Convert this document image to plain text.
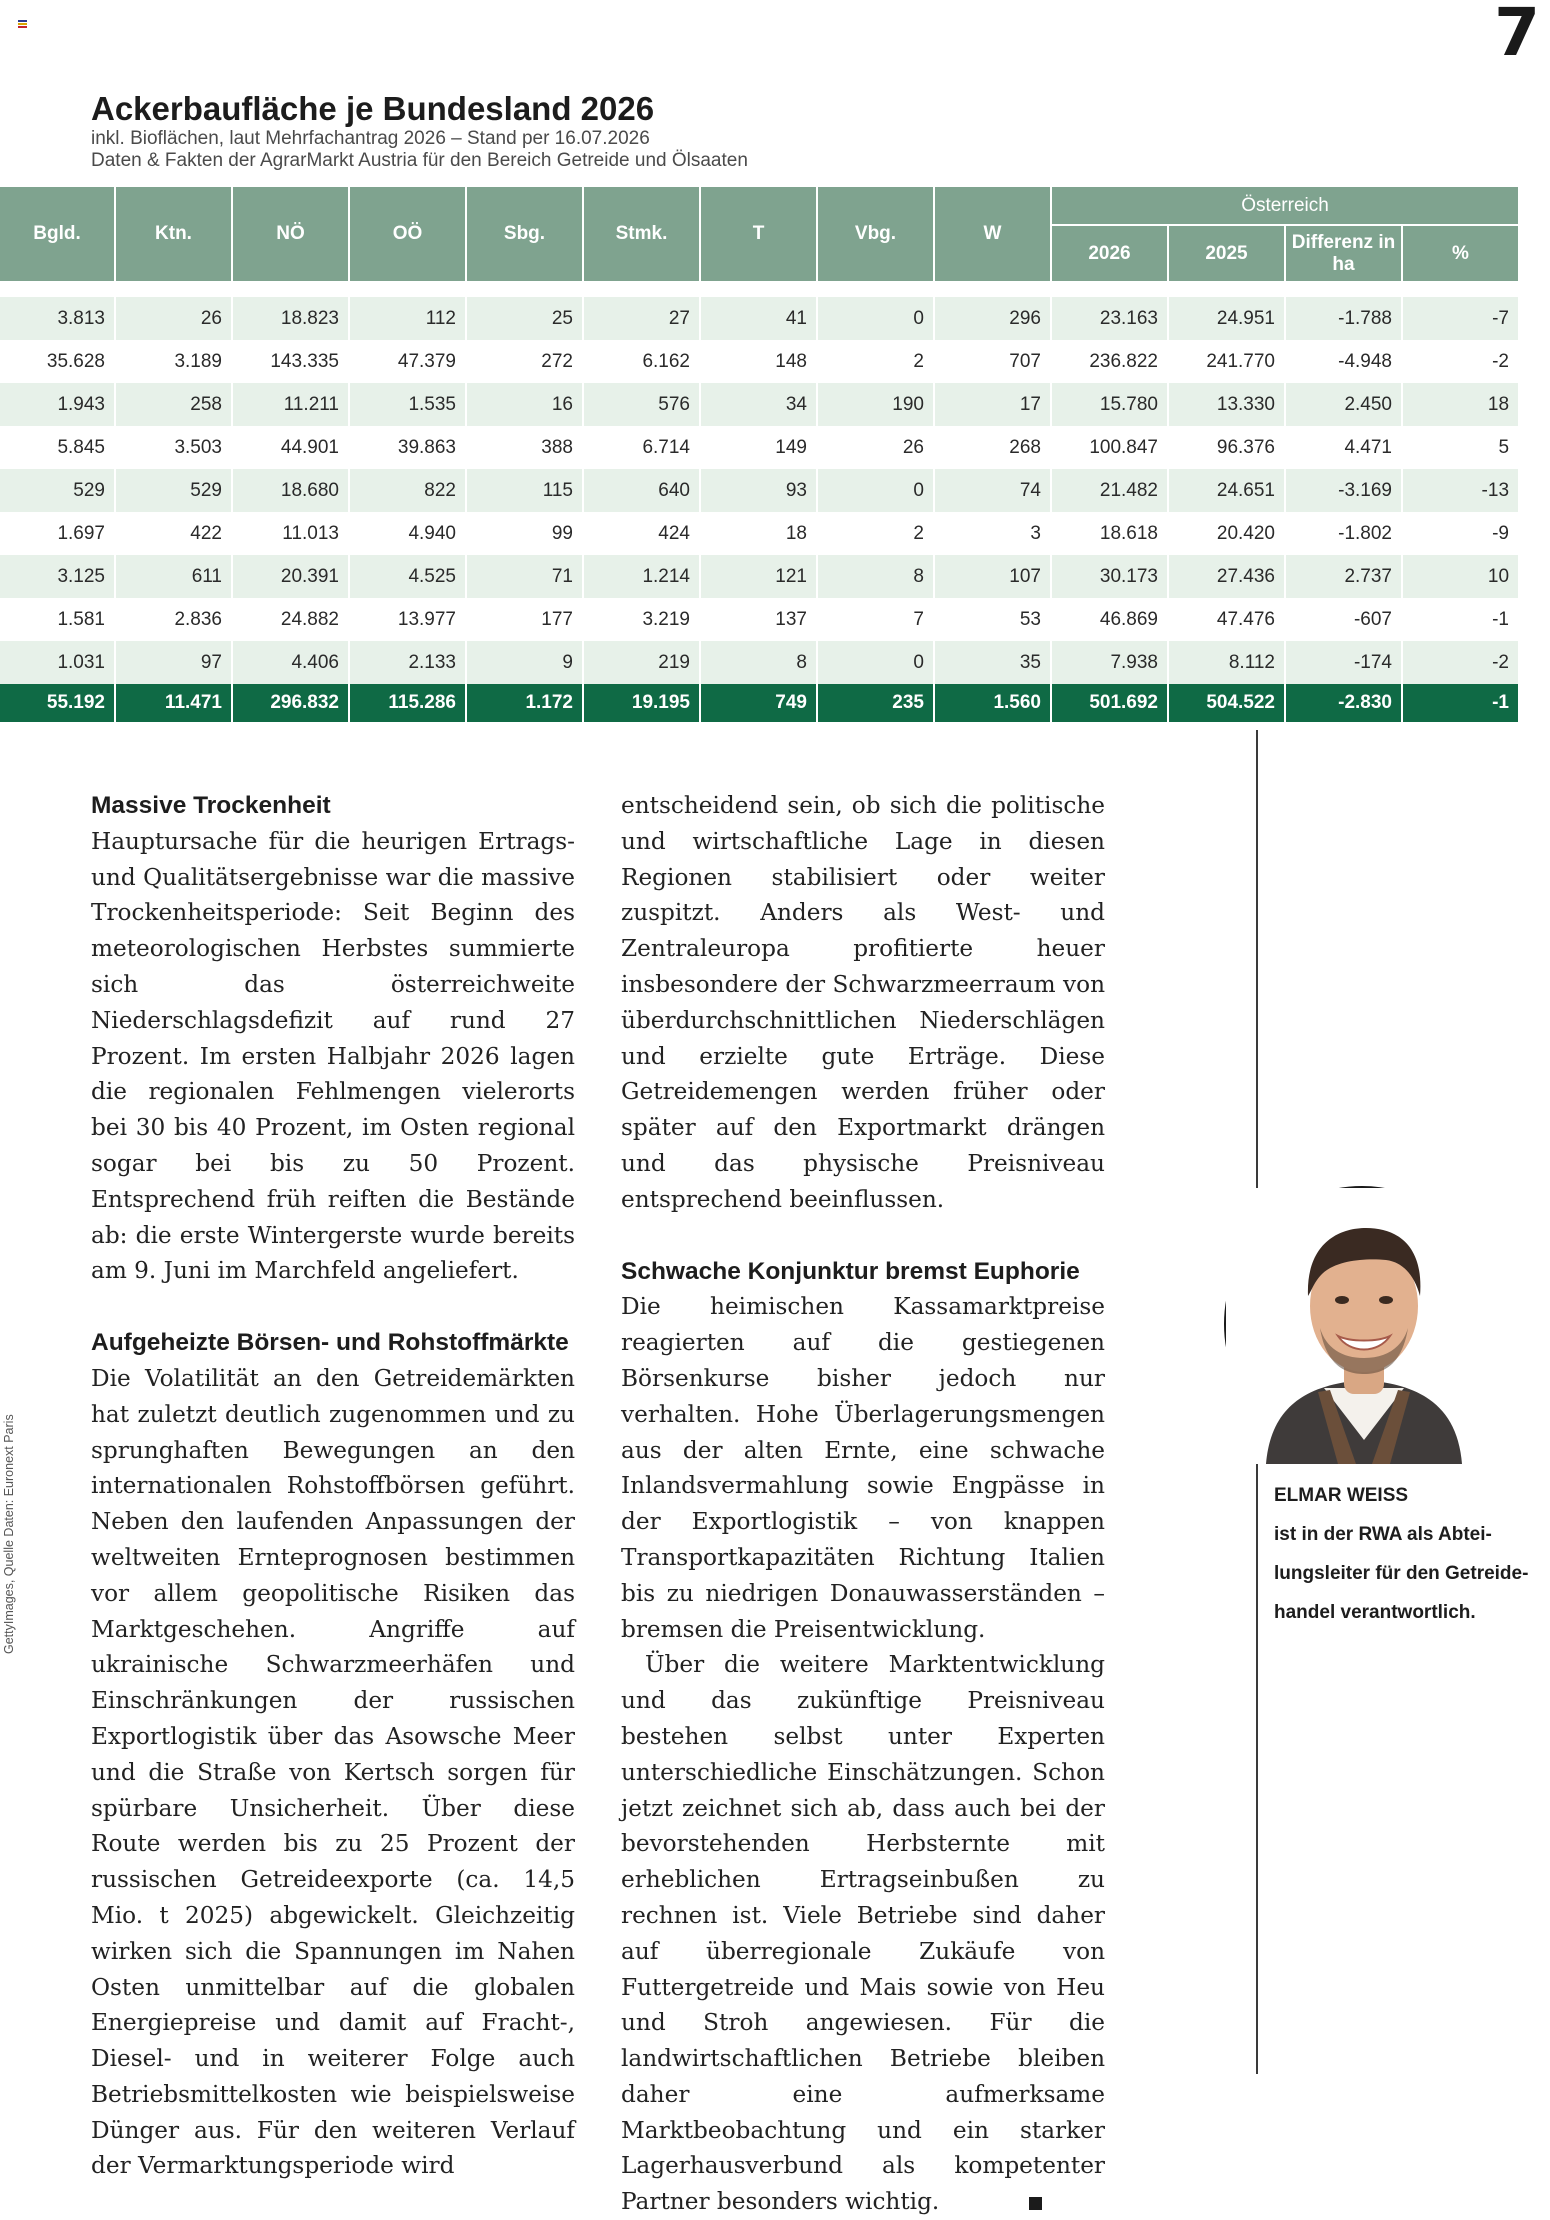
7
Ackerbaufläche je Bundesland 2026
inkl. Bioflächen, laut Mehrfachantrag 2026 – Stand per 16.07.2026
Daten & Fakten der AgrarMarkt Austria für den Bereich Getreide und Ölsaaten
Bgld.	Ktn.	NÖ	OÖ	Sbg.	Stmk.	T	Vbg.	W	Österreich			
									2026	2025	Differenz in ha	%

3.813	26	18.823	112	25	27	41	0	296	23.163	24.951	-1.788	-7
35.628	3.189	143.335	47.379	272	6.162	148	2	707	236.822	241.770	-4.948	-2
1.943	258	11.211	1.535	16	576	34	190	17	15.780	13.330	2.450	18
5.845	3.503	44.901	39.863	388	6.714	149	26	268	100.847	96.376	4.471	5
529	529	18.680	822	115	640	93	0	74	21.482	24.651	-3.169	-13
1.697	422	11.013	4.940	99	424	18	2	3	18.618	20.420	-1.802	-9
3.125	611	20.391	4.525	71	1.214	121	8	107	30.173	27.436	2.737	10
1.581	2.836	24.882	13.977	177	3.219	137	7	53	46.869	47.476	-607	-1
1.031	97	4.406	2.133	9	219	8	0	35	7.938	8.112	-174	-2
55.192	11.471	296.832	115.286	1.172	19.195	749	235	1.560	501.692	504.522	-2.830	-1
Massive Trockenheit

Hauptursache für die heurigen Ertrags- und Qualitätsergebnisse war die massive Trockenheitsperiode: Seit Beginn des meteorologischen Herbstes summierte sich das österreichweite Niederschlagsdefizit auf rund 27 Prozent. Im ersten Halbjahr 2026 lagen die regionalen Fehlmengen vielerorts bei 30 bis 40 Prozent, im Osten regional sogar bei bis zu 50 Prozent. Entsprechend früh reiften die Bestände ab: die erste Wintergerste wurde bereits am 9. Juni im Marchfeld angeliefert.

Aufgeheizte Börsen- und Rohstoffmärkte

Die Volatilität an den Getreidemärkten hat zuletzt deutlich zugenommen und zu sprunghaften Bewegungen an den internationalen Rohstoffbörsen geführt. Neben den laufenden Anpassungen der weltweiten Ernteprognosen bestimmen vor allem geopolitische Risiken das Marktgeschehen. Angriffe auf ukrainische Schwarzmeerhäfen und Einschränkungen der russischen Exportlogistik über das Asowsche Meer und die Straße von Kertsch sorgen für spürbare Unsicherheit. Über diese Route werden bis zu 25 Prozent der russischen Getreideexporte (ca. 14,5 Mio. t 2025) abgewickelt. Gleichzeitig wirken sich die Spannungen im Nahen Osten unmittelbar auf die globalen Energiepreise und damit auf Fracht-, Diesel- und in weiterer Folge auch Betriebsmittelkosten wie beispielsweise Dünger aus. Für den weiteren Verlauf der Vermarktungsperiode wird

entscheidend sein, ob sich die politische und wirtschaftliche Lage in diesen Regionen stabilisiert oder weiter zuspitzt. Anders als West- und Zentraleuropa profitierte heuer insbesondere der Schwarzmeerraum von überdurchschnittlichen Niederschlägen und erzielte gute Erträge. Diese Getreidemengen werden früher oder später auf den Exportmarkt drängen und das physische Preisniveau entsprechend beeinflussen.

Schwache Konjunktur bremst Euphorie

Die heimischen Kassamarktpreise reagierten auf die gestiegenen Börsenkurse bisher jedoch nur verhalten. Hohe Überlagerungsmengen aus der alten Ernte, eine schwache Inlandsvermahlung sowie Engpässe in der Exportlogistik – von knappen Transportkapazitäten Richtung Italien bis zu niedrigen Donauwasserständen – bremsen die Preisentwicklung.

Über die weitere Marktentwicklung und das zukünftige Preisniveau bestehen selbst unter Experten unterschiedliche Einschätzungen. Schon jetzt zeichnet sich ab, dass auch bei der bevorstehenden Herbsternte mit erheblichen Ertragseinbußen zu rechnen ist. Viele Betriebe sind daher auf überregionale Zukäufe von Futtergetreide und Mais sowie von Heu und Stroh angewiesen. Für die landwirtschaftlichen Betriebe bleiben daher eine aufmerksame Marktbeobachtung und ein starker Lagerhausverbund als kompetenter Partner besonders wichtig.

ELMAR WEISS
ist in der RWA als Abtei-
lungsleiter für den Getreide-
handel verantwortlich.
GettyImages, Quelle Daten: Euronext Paris
